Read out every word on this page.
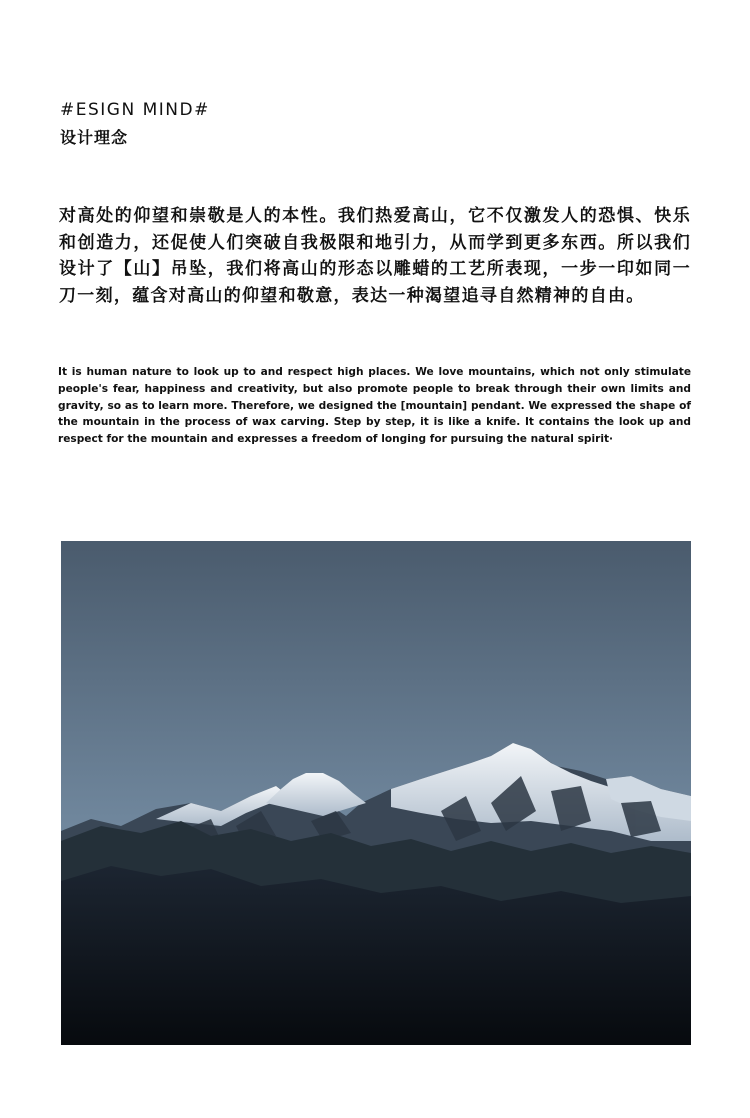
#ESIGN MIND#
设计理念

对高处的仰望和崇敬是人的本性。我们热爱高山，它不仅激发人的恐惧、快乐和创造力，还促使人们突破自我极限和地引力，从而学到更多东西。所以我们设计了【山】吊坠，我们将高山的形态以雕蜡的工艺所表现，一步一印如同一刀一刻，蕴含对高山的仰望和敬意，表达一种渴望追寻自然精神的自由。

It is human nature to look up to and respect high places. We love mountains, which not only stimulate people's fear, happiness and creativity, but also promote people to break through their own limits and gravity, so as to learn more. Therefore, we designed the [mountain] pendant. We expressed the shape of the mountain in the process of wax carving. Step by step, it is like a knife. It contains the look up and respect for the mountain and expresses a freedom of longing for pursuing the natural spirit·
